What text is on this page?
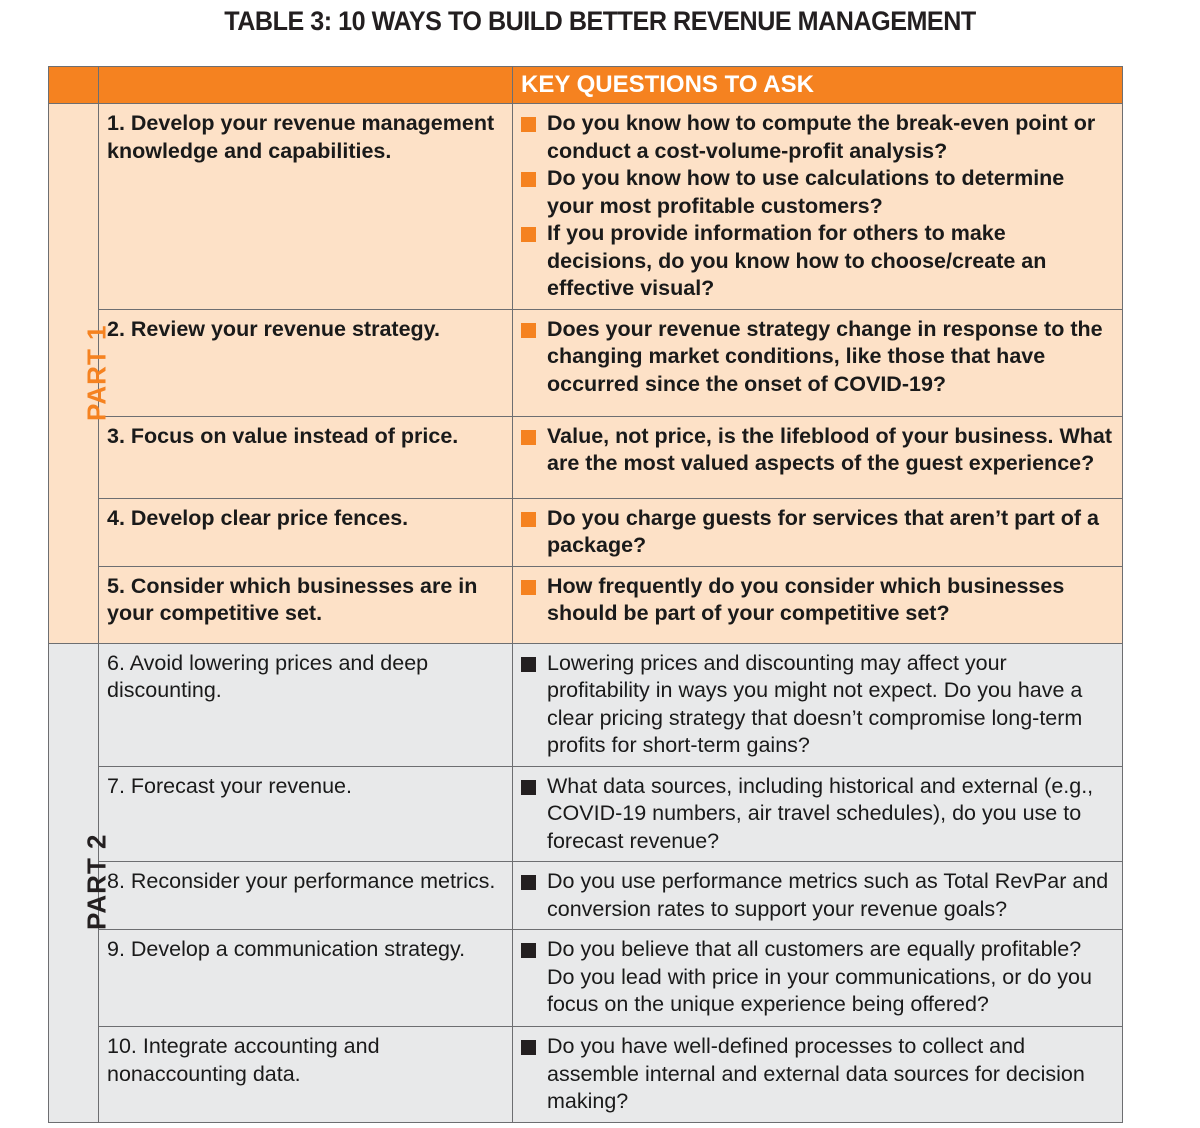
TABLE 3: 10 WAYS TO BUILD BETTER REVENUE MANAGEMENT
		KEY QUESTIONS TO ASK
PART 1	1. Develop your revenue management knowledge and capabilities.	Do you know how to compute the break-even point or conduct a cost-volume-profit analysis?
Do you know how to use calculations to determine your most profitable customers?
If you provide information for others to make decisions, do you know how to choose/create an effective visual?

	2. Review your revenue strategy.	Does your revenue strategy change in response to the changing market conditions, like those that have occurred since the onset of COVID-19?

	3. Focus on value instead of price.	Value, not price, is the lifeblood of your business. What are the most valued aspects of the guest experience?

	4. Develop clear price fences.	Do you charge guests for services that aren’t part of a package?

	5. Consider which businesses are in your competitive set.	How frequently do you consider which businesses should be part of your competitive set?

PART 2	6. Avoid lowering prices and deep discounting.	Lowering prices and discounting may affect your profitability in ways you might not expect. Do you have a clear pricing strategy that doesn’t compromise long-term profits for short-term gains?

	7. Forecast your revenue.	What data sources, including historical and external (e.g., COVID-19 numbers, air travel schedules), do you use to forecast revenue?

	8. Reconsider your performance metrics.	Do you use performance metrics such as Total RevPar and conversion rates to support your revenue goals?

	9. Develop a communication strategy.	Do you believe that all customers are equally profitable? Do you lead with price in your communications, or do you focus on the unique experience being offered?

	10. Integrate accounting and nonaccounting data.	Do you have well-defined processes to collect and assemble internal and external data sources for decision making?
